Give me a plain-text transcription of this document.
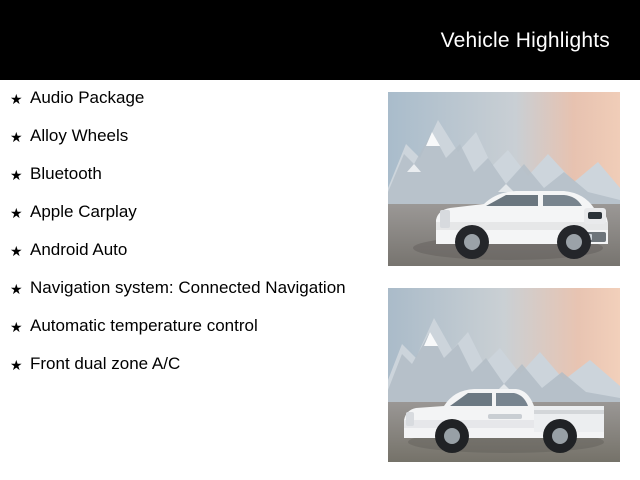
Vehicle Highlights
★ Audio Package
★ Alloy Wheels
★ Bluetooth
★ Apple Carplay
★ Android Auto
★ Navigation system: Connected Navigation
★ Automatic temperature control
★ Front dual zone A/C
